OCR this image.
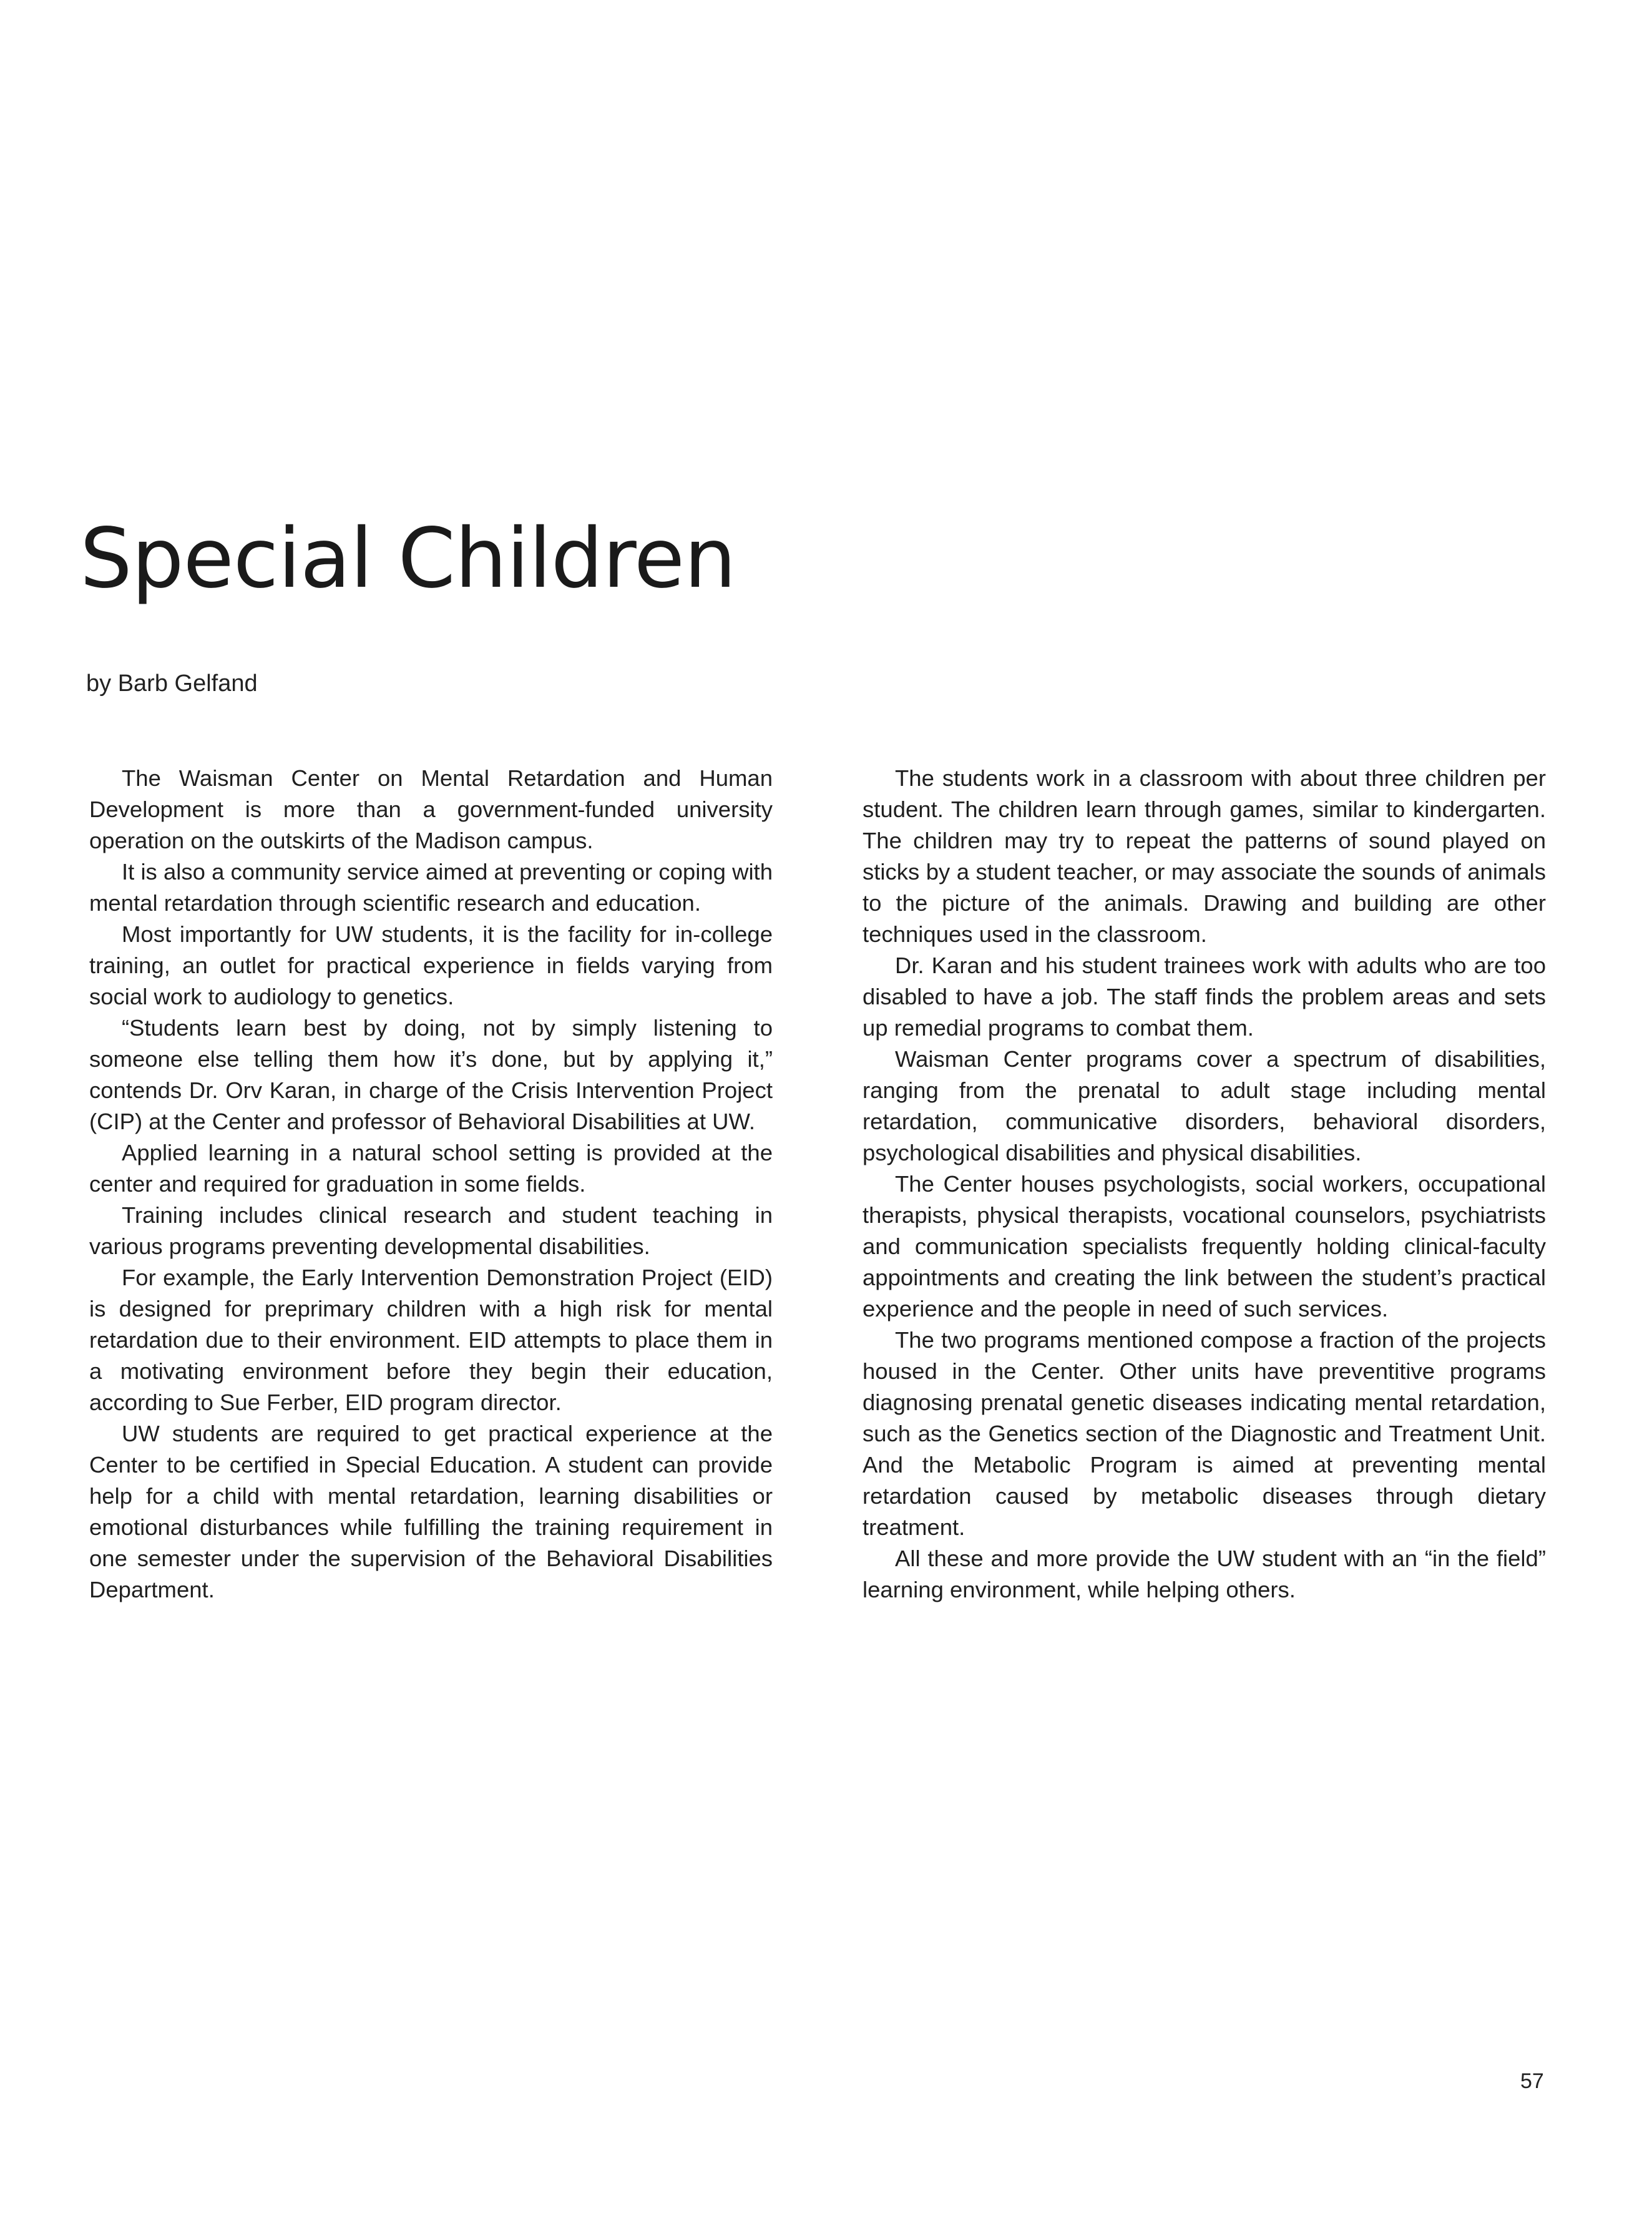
Special Children
by Barb Gelfand

The Waisman Center on Mental Retardation and Human Development is more than a government-funded university operation on the outskirts of the Madison campus.

It is also a community service aimed at preventing or coping with mental retardation through scientific research and education.

Most importantly for UW students, it is the facility for in-college training, an outlet for practical experience in fields varying from social work to audiology to genetics.

“Students learn best by doing, not by simply listening to someone else telling them how it’s done, but by applying it,” contends Dr. Orv Karan, in charge of the Crisis Intervention Project (CIP) at the Center and professor of Behavioral Disabilities at UW.

Applied learning in a natural school setting is provided at the center and required for graduation in some fields.

Training includes clinical research and student teaching in various programs preventing developmental disabilities.

For example, the Early Intervention Demonstration Project (EID) is designed for preprimary children with a high risk for mental retardation due to their environment. EID attempts to place them in a motivating environment before they begin their education, according to Sue Ferber, EID program director.

UW students are required to get practical experience at the Center to be certified in Special Education. A student can provide help for a child with mental retardation, learning disabilities or emotional disturbances while fulfilling the training requirement in one semester under the supervision of the Behavioral Disabilities Department.

The students work in a classroom with about three children per student. The children learn through games, similar to kindergarten. The children may try to repeat the patterns of sound played on sticks by a student teacher, or may associate the sounds of animals to the picture of the animals. Drawing and building are other techniques used in the classroom.

Dr. Karan and his student trainees work with adults who are too disabled to have a job. The staff finds the problem areas and sets up remedial programs to combat them.

Waisman Center programs cover a spectrum of disabilities, ranging from the prenatal to adult stage including mental retardation, communicative disorders, behavioral disorders, psychological disabilities and physical disabilities.

The Center houses psychologists, social workers, occupational therapists, physical therapists, vocational counselors, psychiatrists and communication specialists frequently holding clinical-faculty appointments and creating the link between the student’s practical experience and the people in need of such services.

The two programs mentioned compose a fraction of the projects housed in the Center. Other units have preventitive programs diagnosing prenatal genetic diseases indicating mental retardation, such as the Genetics section of the Diagnostic and Treatment Unit. And the Metabolic Program is aimed at preventing mental retardation caused by metabolic diseases through dietary treatment.

All these and more provide the UW student with an “in the field” learning environment, while helping others.

57
